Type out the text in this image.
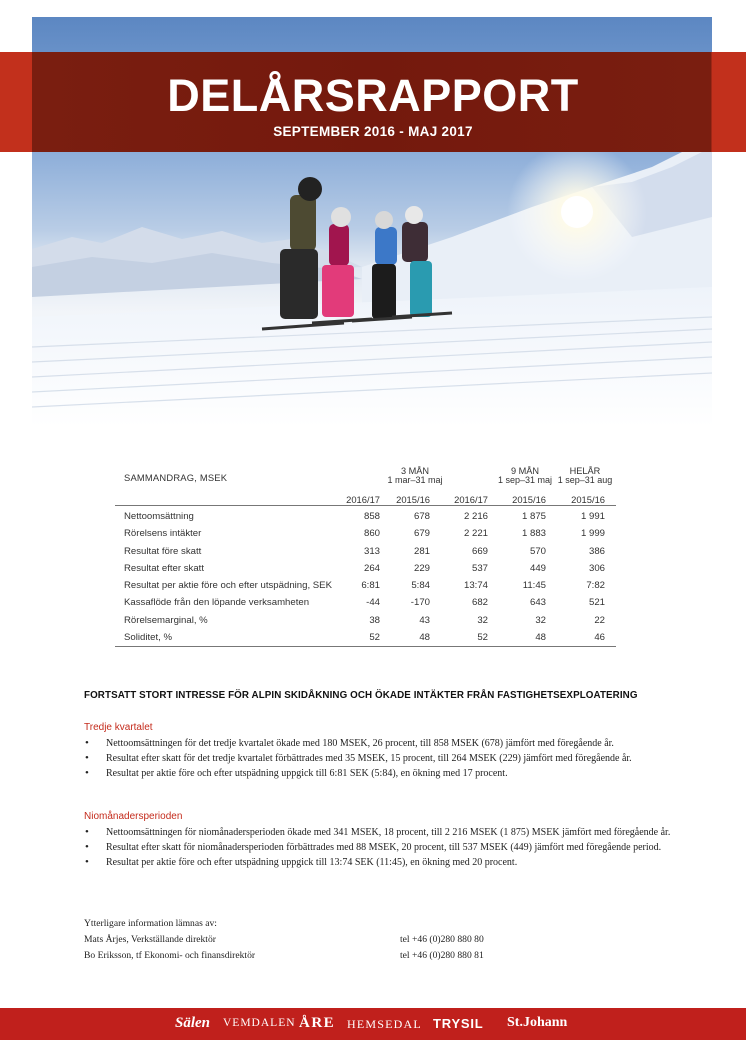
DELÅRSRAPPORT
SEPTEMBER 2016 - MAJ 2017
SAMMANDRAG, MSEK
3 MÅN
1 mar–31 maj
9 MÅN
1 sep–31 maj
HELÅR
1 sep–31 aug
2016/17	2015/16	2016/17	2015/16	2015/16
Nettoomsättning	858	678	2 216	1 875	1 991
Rörelsens intäkter	860	679	2 221	1 883	1 999
Resultat före skatt	313	281	669	570	386
Resultat efter skatt	264	229	537	449	306
Resultat per aktie före och efter utspädning, SEK	6:81	5:84	13:74	11:45	7:82
Kassaflöde från den löpande verksamheten	-44	-170	682	643	521
Rörelsemarginal, %	38	43	32	32	22
Soliditet, %	52	48	52	48	46
FORTSATT STORT INTRESSE FÖR ALPIN SKIDÅKNING OCH ÖKADE INTÄKTER FRÅN FASTIGHETSEXPLOATERING
Tredje kvartalet
• Nettoomsättningen för det tredje kvartalet ökade med 180 MSEK, 26 procent, till 858 MSEK (678) jämfört med föregående år.
• Resultat efter skatt för det tredje kvartalet förbättrades med 35 MSEK, 15 procent, till 264 MSEK (229) jämfört med föregående år.
• Resultat per aktie före och efter utspädning uppgick till 6:81 SEK (5:84), en ökning med 17 procent.
Niomånadersperioden
• Nettoomsättningen för niomånadersperioden ökade med 341 MSEK, 18 procent, till 2 216 MSEK (1 875) MSEK jämfört med föregående år.
• Resultat efter skatt för niomånadersperioden förbättrades med 88 MSEK, 20 procent, till 537 MSEK (449) jämfört med föregående period.
• Resultat per aktie före och efter utspädning uppgick till 13:74 SEK (11:45), en ökning med 20 procent.
Ytterligare information lämnas av:
Mats Årjes, Verkställande direktör	tel +46 (0)280 880 80
Bo Eriksson, tf Ekonomi- och finansdirektör	tel +46 (0)280 880 81
Sälen VEMDALEN ÅRE HEMSEDAL TRYSIL St.Johann
